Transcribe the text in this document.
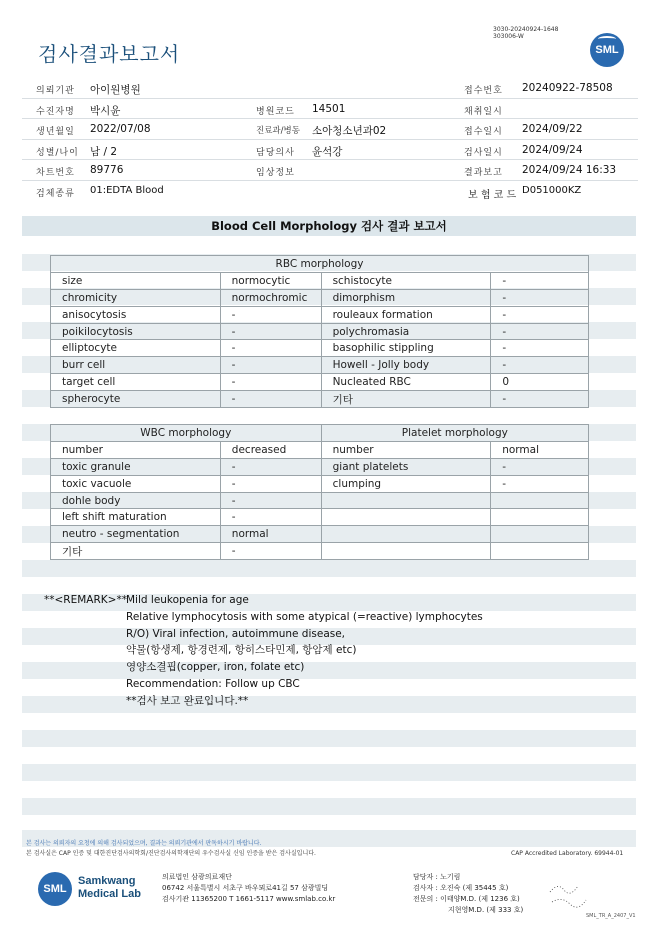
검사결과보고서
3030-20240924-1648
303006-W
SML
의뢰기관 아이원병원	접수번호 20240922-78508
수진자명 박시윤	병원코드 14501	채취일시
생년월일 2022/07/08	진료과/병동 소아청소년과02	접수일시 2024/09/22
성별/나이 남 / 2	담당의사 윤석강	검사일시 2024/09/24
차트번호 89776	임상정보	결과보고 2024/09/24 16:33
검체종류 01:EDTA Blood	보 험 코 드 D051000KZ
Blood Cell Morphology 검사 결과 보고서
RBC morphology			
size	normocytic	schistocyte	-
chromicity	normochromic	dimorphism	-
anisocytosis	-	rouleaux formation	-
poikilocytosis	-	polychromasia	-
elliptocyte	-	basophilic stippling	-
burr cell	-	Howell - Jolly body	-
target cell	-	Nucleated RBC	0
spherocyte	-	기타	-
WBC morphology		Platelet morphology	
number	decreased	number	normal
toxic granule	-	giant platelets	-
toxic vacuole	-	clumping	-
dohle body	-		
left shift maturation	-		
neutro - segmentation	normal		
기타	-		
**<REMARK>** Mild leukopenia for age
Relative lymphocytosis with some atypical (=reactive) lymphocytes
R/O) Viral infection, autoimmune disease,
약물(항생제, 항경련제, 항히스타민제, 항암제 etc)
영양소결핍(copper, iron, folate etc)
Recommendation: Follow up CBC
**검사 보고 완료입니다.**
본 검사는 의뢰자의 요청에 의해 검사되었으며, 결과는 의뢰기관에서 판독하시기 바랍니다.
본 검사실은 CAP 인증 및 대한진단검사의학회/진단검사의학재단의 우수검사실 신임 인증을 받은 검사실입니다.	CAP Accredited Laboratory. 69944-01
SML
Samkwang
Medical Lab
의료법인 삼광의료재단
06742 서울특별시 서초구 바우뫼로41길 57 삼광빌딩
검사기관 11365200 T 1661-5117 www.smlab.co.kr
담당자 : 노기림
검사자 : 오진숙 (제 35445 호)
전문의 : 이태양M.D. (제 1236 호)
지현영M.D. (제 333 호)
SML_TR_A_2407_V1
